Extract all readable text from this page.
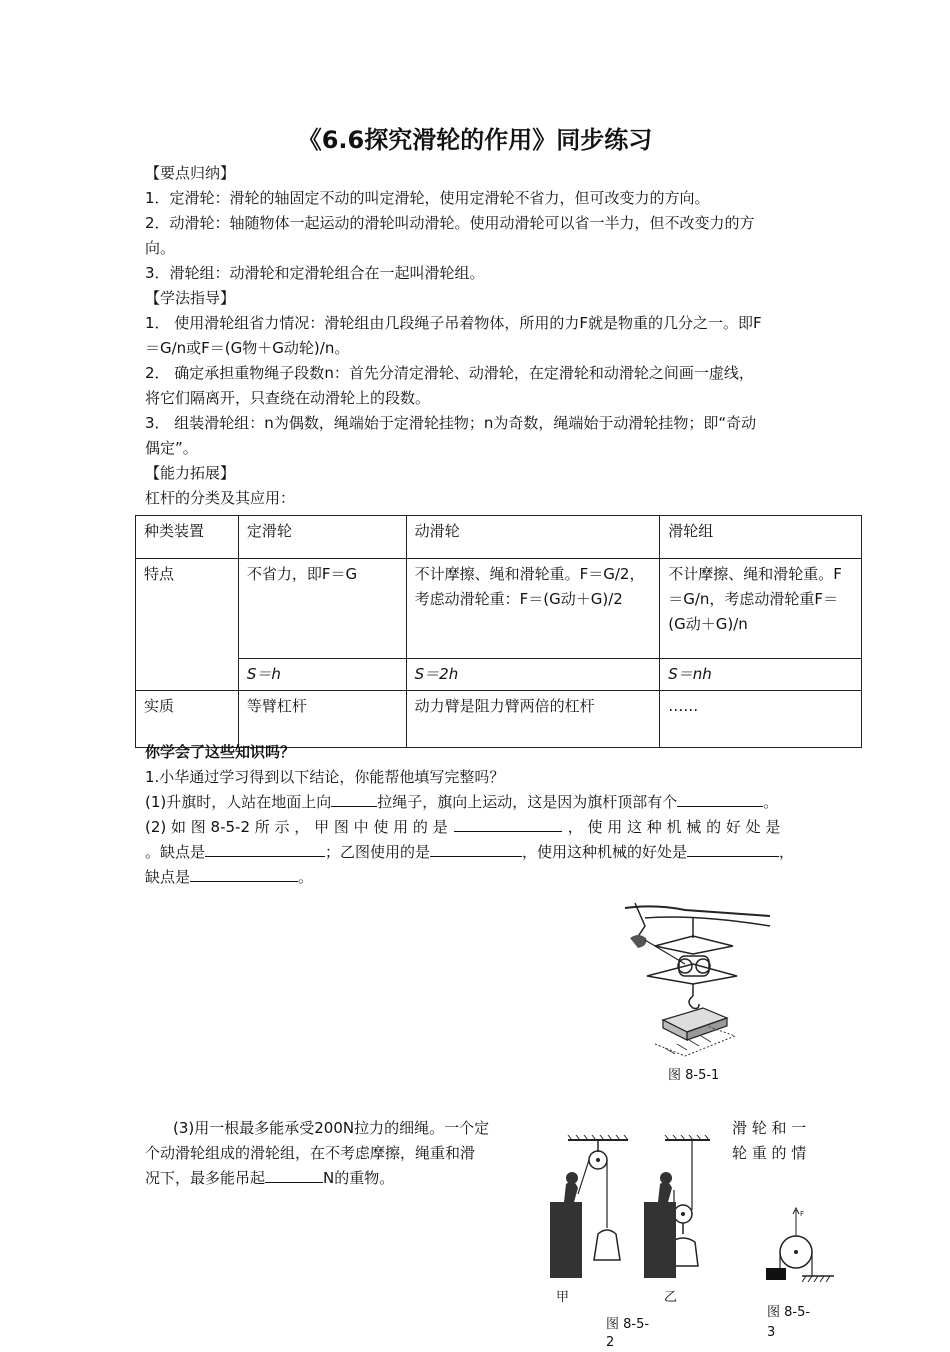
《6.6探究滑轮的作用》同步练习
【要点归纳】
1．定滑轮：滑轮的轴固定不动的叫定滑轮，使用定滑轮不省力，但可改变力的方向。
2．动滑轮：轴随物体一起运动的滑轮叫动滑轮。使用动滑轮可以省一半力，但不改变力的方
向。
3．滑轮组：动滑轮和定滑轮组合在一起叫滑轮组。
【学法指导】
1． 使用滑轮组省力情况：滑轮组由几段绳子吊着物体，所用的力F就是物重的几分之一。即F
＝G/n或F＝(G物＋G动轮)/n。
2． 确定承担重物绳子段数n：首先分清定滑轮、动滑轮，在定滑轮和动滑轮之间画一虚线，
将它们隔离开，只查绕在动滑轮上的段数。
3． 组装滑轮组：n为偶数，绳端始于定滑轮挂物；n为奇数，绳端始于动滑轮挂物；即“奇动
偶定”。
【能力拓展】
杠杆的分类及其应用：
种类装置	定滑轮	动滑轮	滑轮组
特点	不省力，即F＝G	不计摩擦、绳和滑轮重。F＝G/2，考虑动滑轮重：F＝(G动＋G)/2	不计摩擦、绳和滑轮重。F＝G/n，考虑动滑轮重F＝(G动＋G)/n
	S＝h	S＝2h	S＝nh
实质	等臂杠杆	动力臂是阻力臂两倍的杠杆	……
你学会了这些知识吗？
1.小华通过学习得到以下结论，你能帮他填写完整吗？
(1)升旗时，人站在地面上向	拉绳子，旗向上运动，这是因为旗杆顶部有个	。
(2) 如 图 8-5-2 所 示 ， 甲 图 中 使 用 的 是	， 使 用 这 种 机 械 的 好 处 是
。缺点是	；乙图使用的是	，使用这种机械的好处是	，
缺点是	。
图 8-5-1
(3)用一根最多能承受200N拉力的细绳。一个定	滑 轮 和 一
个动滑轮组成的滑轮组，在不考虑摩擦，绳重和滑	轮 重 的 情
况下，最多能吊起	N的重物。
甲	乙
图 8-5-
2
F
图 8-5-
3
